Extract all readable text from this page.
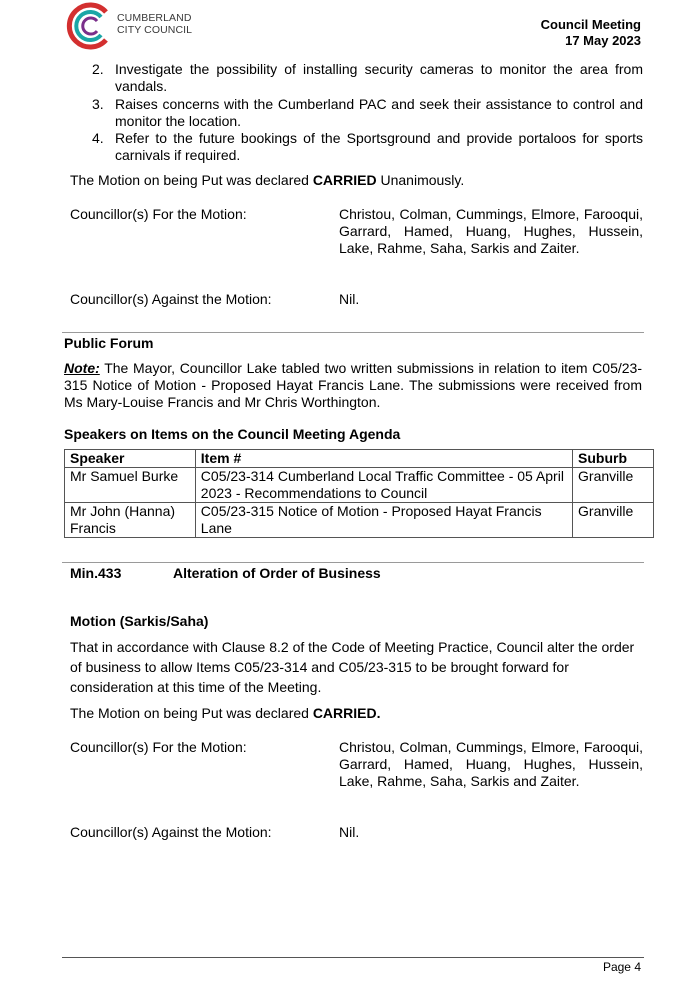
CUMBERLAND
CITY COUNCIL	Council Meeting
17 May 2023
2. Investigate the possibility of installing security cameras to monitor the area from vandals.
3. Raises concerns with the Cumberland PAC and seek their assistance to control and monitor the location.
4. Refer to the future bookings of the Sportsground and provide portaloos for sports carnivals if required.
The Motion on being Put was declared CARRIED Unanimously.
Councillor(s) For the Motion:	Christou, Colman, Cummings, Elmore, Farooqui, Garrard, Hamed, Huang, Hughes, Hussein, Lake, Rahme, Saha, Sarkis and Zaiter.
Councillor(s) Against the Motion:	Nil.
Public Forum
Note: The Mayor, Councillor Lake tabled two written submissions in relation to item C05/23-315 Notice of Motion - Proposed Hayat Francis Lane. The submissions were received from Ms Mary-Louise Francis and Mr Chris Worthington.
Speakers on Items on the Council Meeting Agenda
Speaker	Item #	Suburb
Mr Samuel Burke	C05/23-314 Cumberland Local Traffic Committee - 05 April 2023 - Recommendations to Council	Granville
Mr John (Hanna) Francis	C05/23-315 Notice of Motion - Proposed Hayat Francis Lane	Granville
Min.433	Alteration of Order of Business
Motion (Sarkis/Saha)
That in accordance with Clause 8.2 of the Code of Meeting Practice, Council alter the order of business to allow Items C05/23-314 and C05/23-315 to be brought forward for consideration at this time of the Meeting.
The Motion on being Put was declared CARRIED.
Councillor(s) For the Motion:	Christou, Colman, Cummings, Elmore, Farooqui, Garrard, Hamed, Huang, Hughes, Hussein, Lake, Rahme, Saha, Sarkis and Zaiter.
Councillor(s) Against the Motion:	Nil.
Page 4
